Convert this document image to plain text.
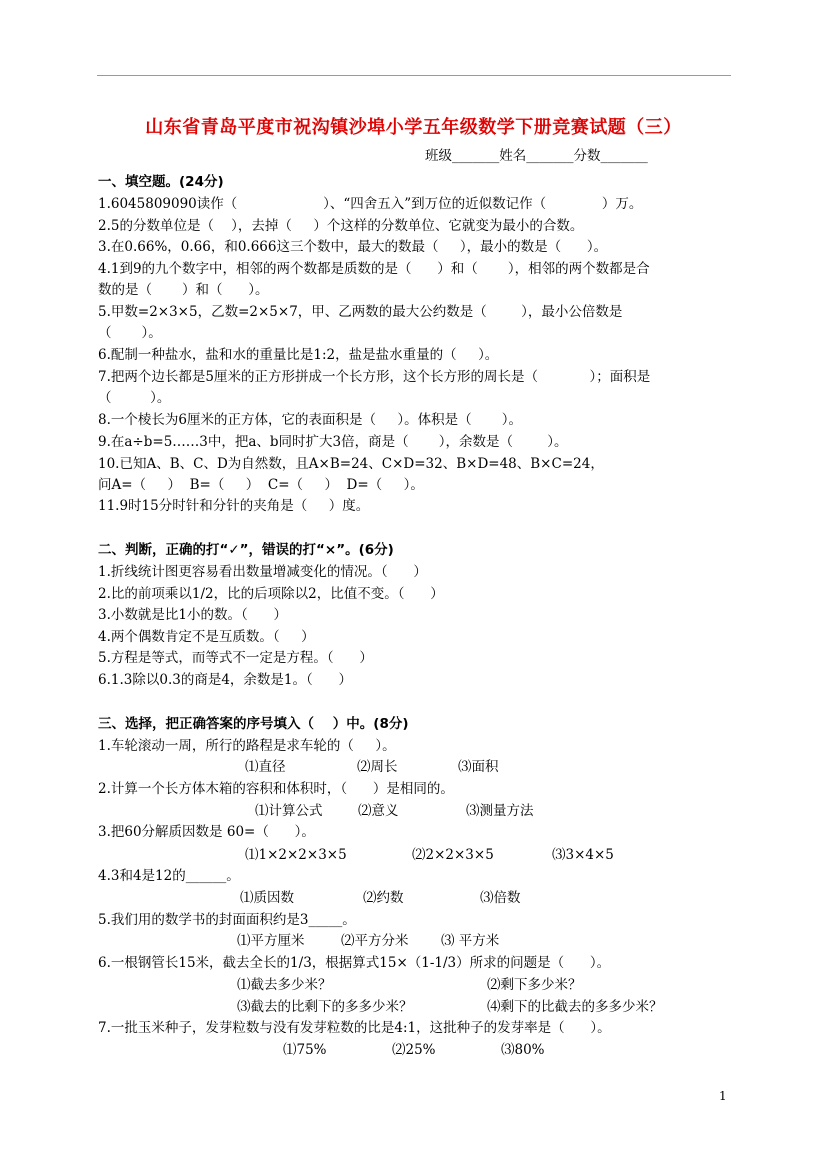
山东省青岛平度市祝沟镇沙埠小学五年级数学下册竞赛试题（三）
班级_______姓名_______分数_______
一、填空题。(24分)
1.6045809090读作（                    ）、“四舍五入”到万位的近似数记作（             ）万。
2.5的分数单位是（    ），去掉（     ）个这样的分数单位、它就变为最小的合数。
3.在0.66%，0.66，和0.666这三个数中，最大的数最（     ），最小的数是（      ）。
4.1到9的九个数字中，相邻的两个数都是质数的是（      ）和（       ），相邻的两个数都是合
数的是（       ）和（      ）。
5.甲数=2×3×5，乙数=2×5×7，甲、乙两数的最大公约数是（        ），最小公倍数是
（       ）。
6.配制一种盐水，盐和水的重量比是1:2，盐是盐水重量的（     ）。
7.把两个边长都是5厘米的正方形拼成一个长方形，这个长方形的周长是（            ）；面积是
（         ）。
8.一个棱长为6厘米的正方体，它的表面积是（     ）。体积是（       ）。
9.在a÷b=5……3中，把a、b同时扩大3倍，商是（       ），余数是（        ）。
10.已知A、B、C、D为自然数，且A×B=24、C×D=32、B×D=48、B×C=24，
问A=（     ）  B=（     ）  C=（     ）  D=（     ）。
11.9时15分时针和分针的夹角是（     ）度。
二、判断，正确的打“✓”，错误的打“×”。(6分)
1.折线统计图更容易看出数量增减变化的情况。（      ）
2.比的前项乘以1/2，比的后项除以2，比值不变。（      ）
3.小数就是比1小的数。（      ）
4.两个偶数肯定不是互质数。（     ）
5.方程是等式，而等式不一定是方程。（      ）
6.1.3除以0.3的商是4，余数是1。（      ）
三、选择，把正确答案的序号填入（    ）中。(8分)
1.车轮滚动一周，所行的路程是求车轮的（     ）。
⑴直径	⑵周长	⑶面积
2.计算一个长方体木箱的容积和体积时，（      ）是相同的。
⑴计算公式	⑵意义	⑶测量方法
3.把60分解质因数是 60=（      ）。
⑴1×2×2×3×5	⑵2×2×3×5	⑶3×4×5
4.3和4是12的______。
⑴质因数	⑵约数	⑶倍数
5.我们用的数学书的封面面积约是3_____。
⑴平方厘米	⑵平方分米 ⑶ 平方米
6.一根钢管长15米，截去全长的1/3，根据算式15×（1-1/3）所求的问题是（      ）。
⑴截去多少米？	⑵剩下多少米？
⑶截去的比剩下的多多少米？	⑷剩下的比截去的多多少米？
7.一批玉米种子，发芽粒数与没有发芽粒数的比是4:1，这批种子的发芽率是（      ）。
⑴75%	⑵25%	⑶80%
1
